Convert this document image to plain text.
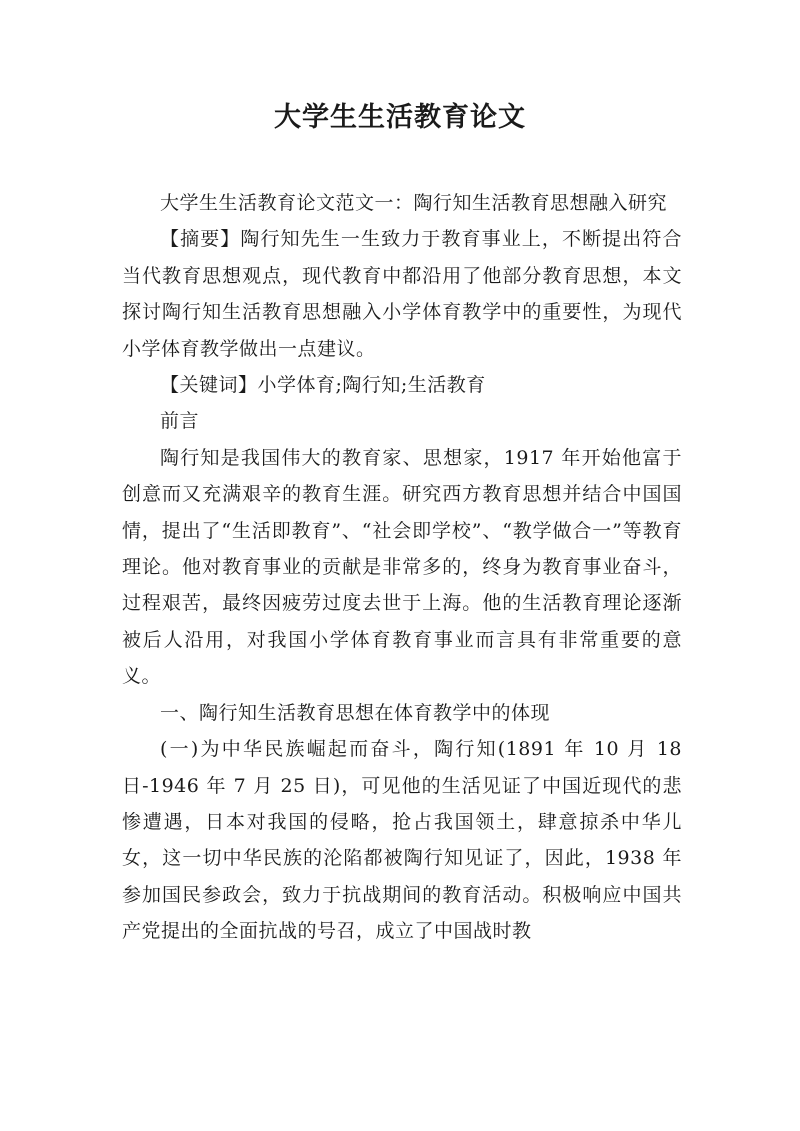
大学生生活教育论文

大学生生活教育论文范文一：陶行知生活教育思想融入研究

【摘要】陶行知先生一生致力于教育事业上，不断提出符合当代教育思想观点，现代教育中都沿用了他部分教育思想，本文探讨陶行知生活教育思想融入小学体育教学中的重要性，为现代小学体育教学做出一点建议。

【关键词】小学体育;陶行知;生活教育

前言

陶行知是我国伟大的教育家、思想家，1917 年开始他富于创意而又充满艰辛的教育生涯。研究西方教育思想并结合中国国情，提出了“生活即教育”、“社会即学校”、“教学做合一”等教育理论。他对教育事业的贡献是非常多的，终身为教育事业奋斗，过程艰苦，最终因疲劳过度去世于上海。他的生活教育理论逐渐被后人沿用，对我国小学体育教育事业而言具有非常重要的意义。

一、陶行知生活教育思想在体育教学中的体现

(一)为中华民族崛起而奋斗，陶行知(1891 年 10 月 18 日-1946 年 7 月 25 日)，可见他的生活见证了中国近现代的悲惨遭遇，日本对我国的侵略，抢占我国领土，肆意掠杀中华儿女，这一切中华民族的沦陷都被陶行知见证了，因此，1938 年参加国民参政会，致力于抗战期间的教育活动。积极响应中国共产党提出的全面抗战的号召，成立了中国战时教
